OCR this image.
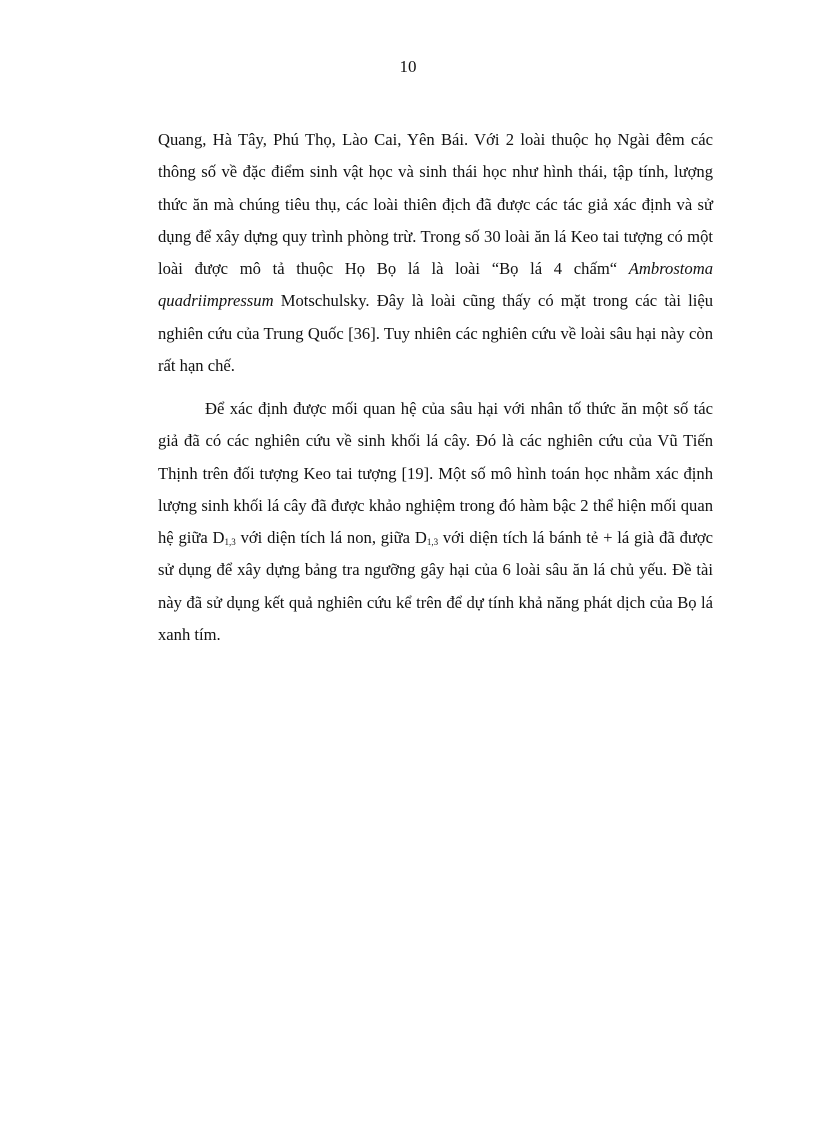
10
Quang, Hà Tây, Phú Thọ, Lào Cai, Yên Bái. Với 2 loài thuộc họ Ngài đêm các thông số về đặc điểm sinh vật học và sinh thái học như hình thái, tập tính, lượng thức ăn mà chúng tiêu thụ, các loài thiên địch đã được các tác giả xác định và sử dụng để xây dựng quy trình phòng trừ. Trong số 30 loài ăn lá Keo tai tượng có một loài được mô tả thuộc Họ Bọ lá là loài “Bọ lá 4 chấm“ Ambrostoma quadriimpressum Motschulsky. Đây là loài cũng thấy có mặt trong các tài liệu nghiên cứu của Trung Quốc [36]. Tuy nhiên các nghiên cứu về loài sâu hại này còn rất hạn chế.
Để xác định được mối quan hệ của sâu hại với nhân tố thức ăn một số tác giả đã có các nghiên cứu về sinh khối lá cây. Đó là các nghiên cứu của Vũ Tiến Thịnh trên đối tượng Keo tai tượng [19]. Một số mô hình toán học nhằm xác định lượng sinh khối lá cây đã được khảo nghiệm trong đó hàm bậc 2 thể hiện mối quan hệ giữa $D_{1,3}$ với diện tích lá non, giữa $D_{1,3}$ với diện tích lá bánh tẻ + lá già đã được sử dụng để xây dựng bảng tra ngưỡng gây hại của 6 loài sâu ăn lá chủ yếu. Đề tài này đã sử dụng kết quả nghiên cứu kể trên để dự tính khả năng phát dịch của Bọ lá xanh tím.
